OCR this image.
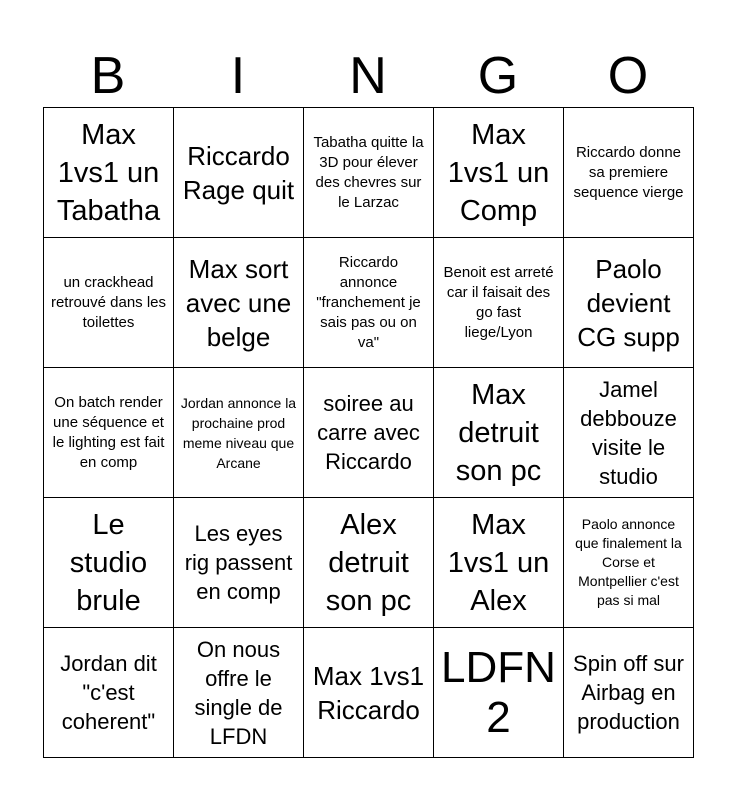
B	I	N	G	O
Max 1vs1 un Tabatha
Riccardo Rage quit
Tabatha quitte la 3D pour élever des chevres sur le Larzac
Max 1vs1 un Comp
Riccardo donne sa premiere sequence vierge
un crackhead retrouvé dans les toilettes
Max sort avec une belge
Riccardo annonce "franchement je sais pas ou on va"
Benoit est arreté car il faisait des go fast liege/Lyon
Paolo devient CG supp
On batch render une séquence et le lighting est fait en comp
Jordan annonce la prochaine prod meme niveau que Arcane
soiree au carre avec Riccardo
Max detruit son pc
Jamel debbouze visite le studio
Le studio brule
Les eyes rig passent en comp
Alex detruit son pc
Max 1vs1 un Alex
Paolo annonce que finalement la Corse et Montpellier c'est pas si mal
Jordan dit "c'est coherent"
On nous offre le single de LFDN
Max 1vs1 Riccardo
LDFN 2
Spin off sur Airbag en production
